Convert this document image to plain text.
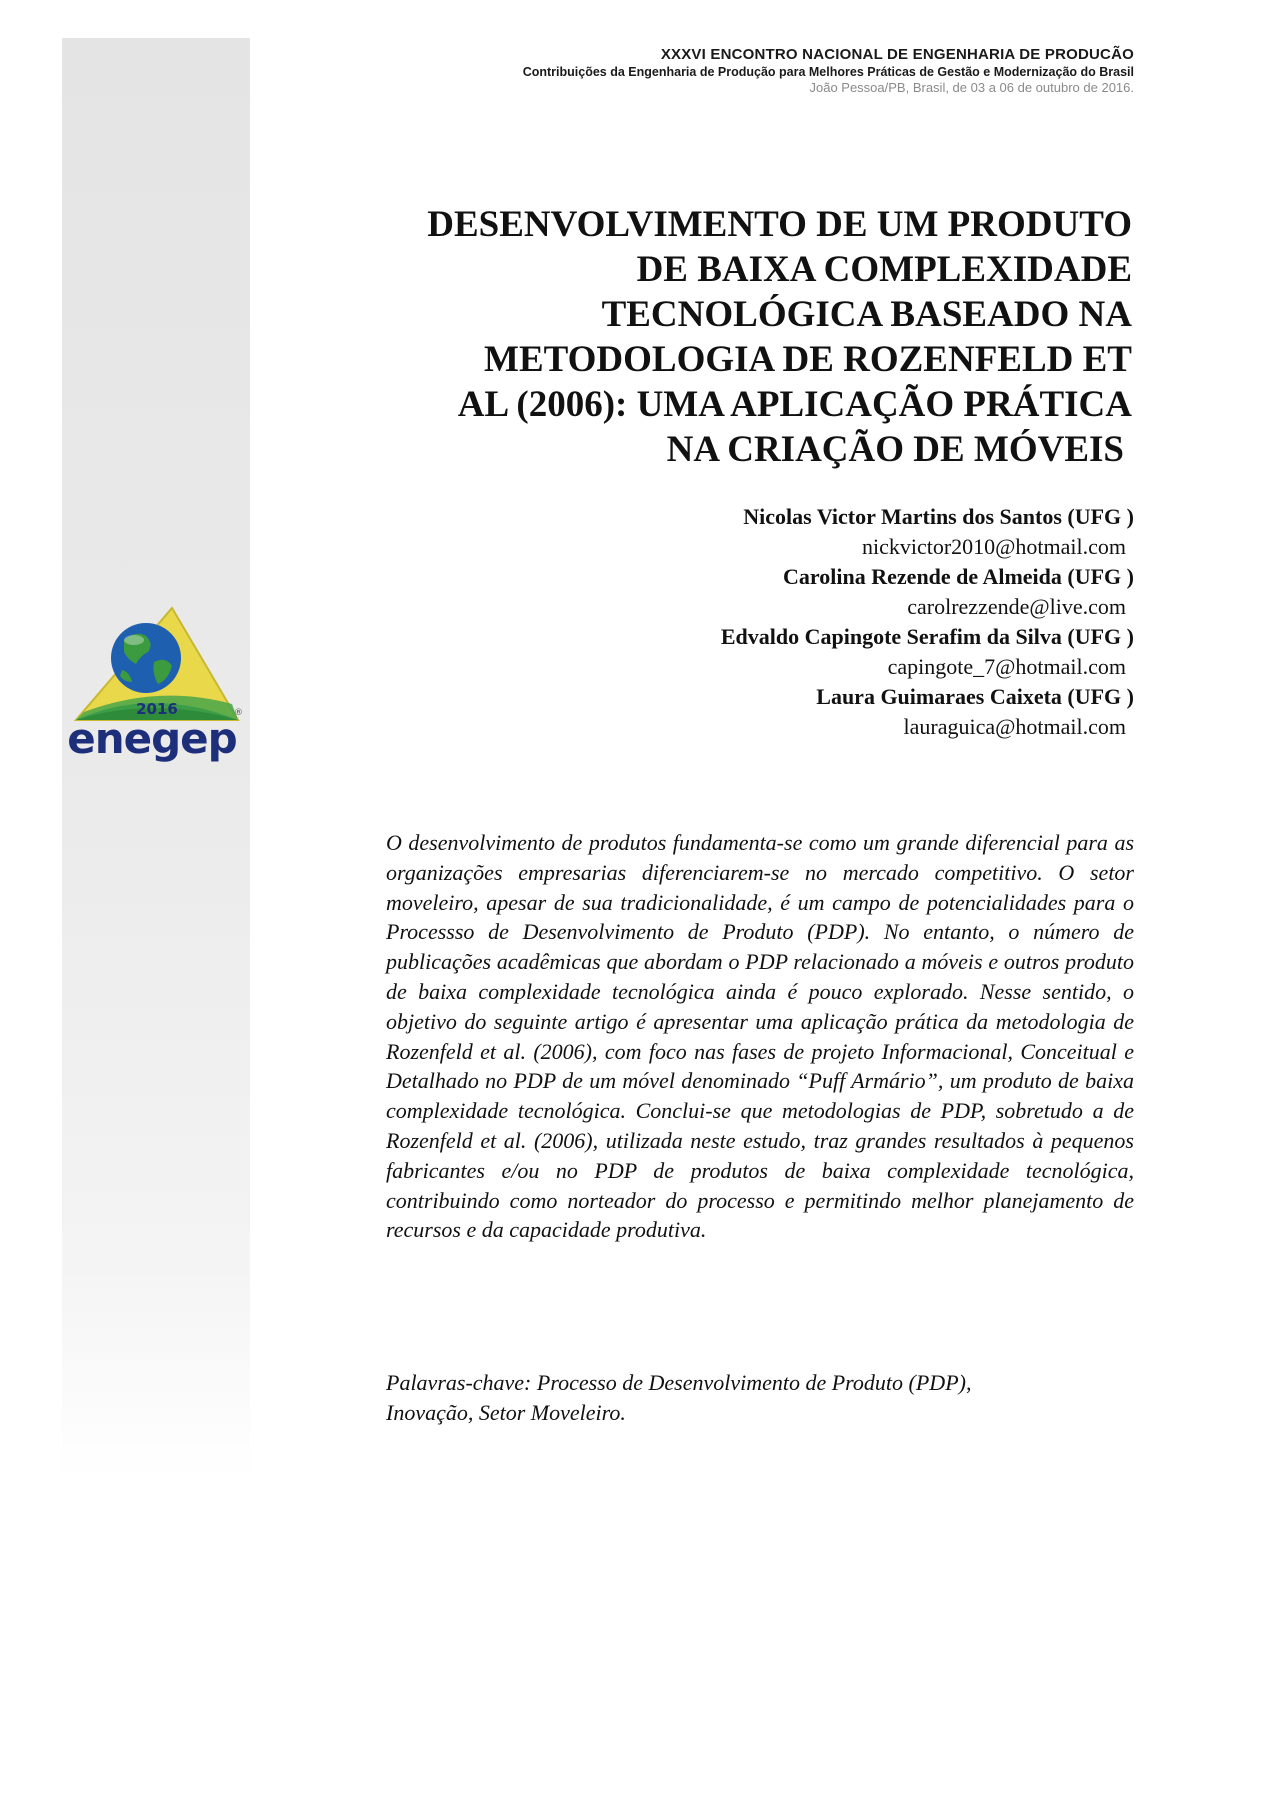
2016
enegep
®
XXXVI ENCONTRO NACIONAL DE ENGENHARIA DE PRODUCÃO
Contribuições da Engenharia de Produção para Melhores Práticas de Gestão e Modernização do Brasil
João Pessoa/PB, Brasil, de 03 a 06 de outubro de 2016.
DESENVOLVIMENTO DE UM PRODUTO
DE BAIXA COMPLEXIDADE
TECNOLÓGICA BASEADO NA
METODOLOGIA DE ROZENFELD ET
AL (2006): UMA APLICAÇÃO PRÁTICA
NA CRIAÇÃO DE MÓVEIS
Nicolas Victor Martins dos Santos (UFG )
nickvictor2010@hotmail.com
Carolina Rezende de Almeida (UFG )
carolrezzende@live.com
Edvaldo Capingote Serafim da Silva (UFG )
capingote_7@hotmail.com
Laura Guimaraes Caixeta (UFG )
lauraguica@hotmail.com

O desenvolvimento de produtos fundamenta-se como um grande diferencial para as organizações empresarias diferenciarem-se no mercado competitivo. O setor moveleiro, apesar de sua tradicionalidade, é um campo de potencialidades para o Processso de Desenvolvimento de Produto (PDP). No entanto, o número de publicações acadêmicas que abordam o PDP relacionado a móveis e outros produto de baixa complexidade tecnológica ainda é pouco explorado. Nesse sentido, o objetivo do seguinte artigo é apresentar uma aplicação prática da metodologia de Rozenfeld et al. (2006), com foco nas fases de projeto Informacional, Conceitual e Detalhado no PDP de um móvel denominado “Puff Armário”, um produto de baixa complexidade tecnológica. Conclui-se que metodologias de PDP, sobretudo a de Rozenfeld et al. (2006), utilizada neste estudo, traz grandes resultados à pequenos fabricantes e/ou no PDP de produtos de baixa complexidade tecnológica, contribuindo como norteador do processo e permitindo melhor planejamento de recursos e da capacidade produtiva.

Palavras-chave: Processo de Desenvolvimento de Produto (PDP),
Inovação, Setor Moveleiro.
